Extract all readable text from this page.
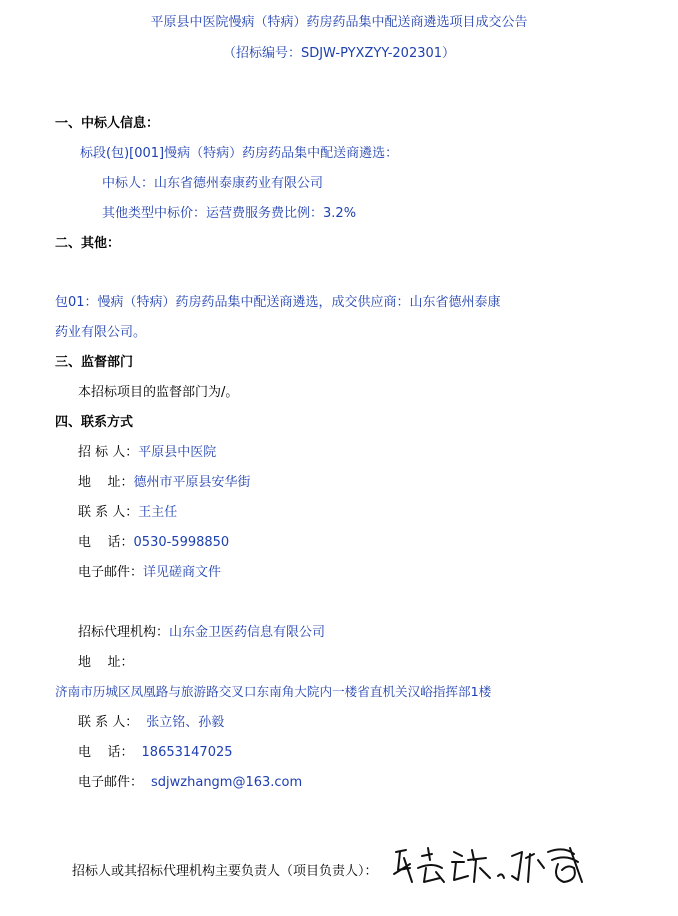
平原县中医院慢病（特病）药房药品集中配送商遴选项目成交公告
（招标编号：SDJW-PYXZYY-202301）
一、中标人信息：
标段(包)[001]慢病（特病）药房药品集中配送商遴选：
中标人：山东省德州泰康药业有限公司
其他类型中标价：运营费服务费比例：3.2%
二、其他：
包01：慢病（特病）药房药品集中配送商遴选，成交供应商：山东省德州泰康
药业有限公司。
三、监督部门
本招标项目的监督部门为/。
四、联系方式
招 标 人：平原县中医院
地    址：德州市平原县安华街
联 系 人：王主任
电    话：0530-5998850
电子邮件：详见磋商文件
招标代理机构：山东金卫医药信息有限公司
地    址：
济南市历城区凤凰路与旅游路交叉口东南角大院内一楼省直机关汉峪指挥部1楼
联 系 人： 张立铭、孙毅
电    话： 18653147025
电子邮件： sdjwzhangm@163.com
招标人或其招标代理机构主要负责人（项目负责人）：
